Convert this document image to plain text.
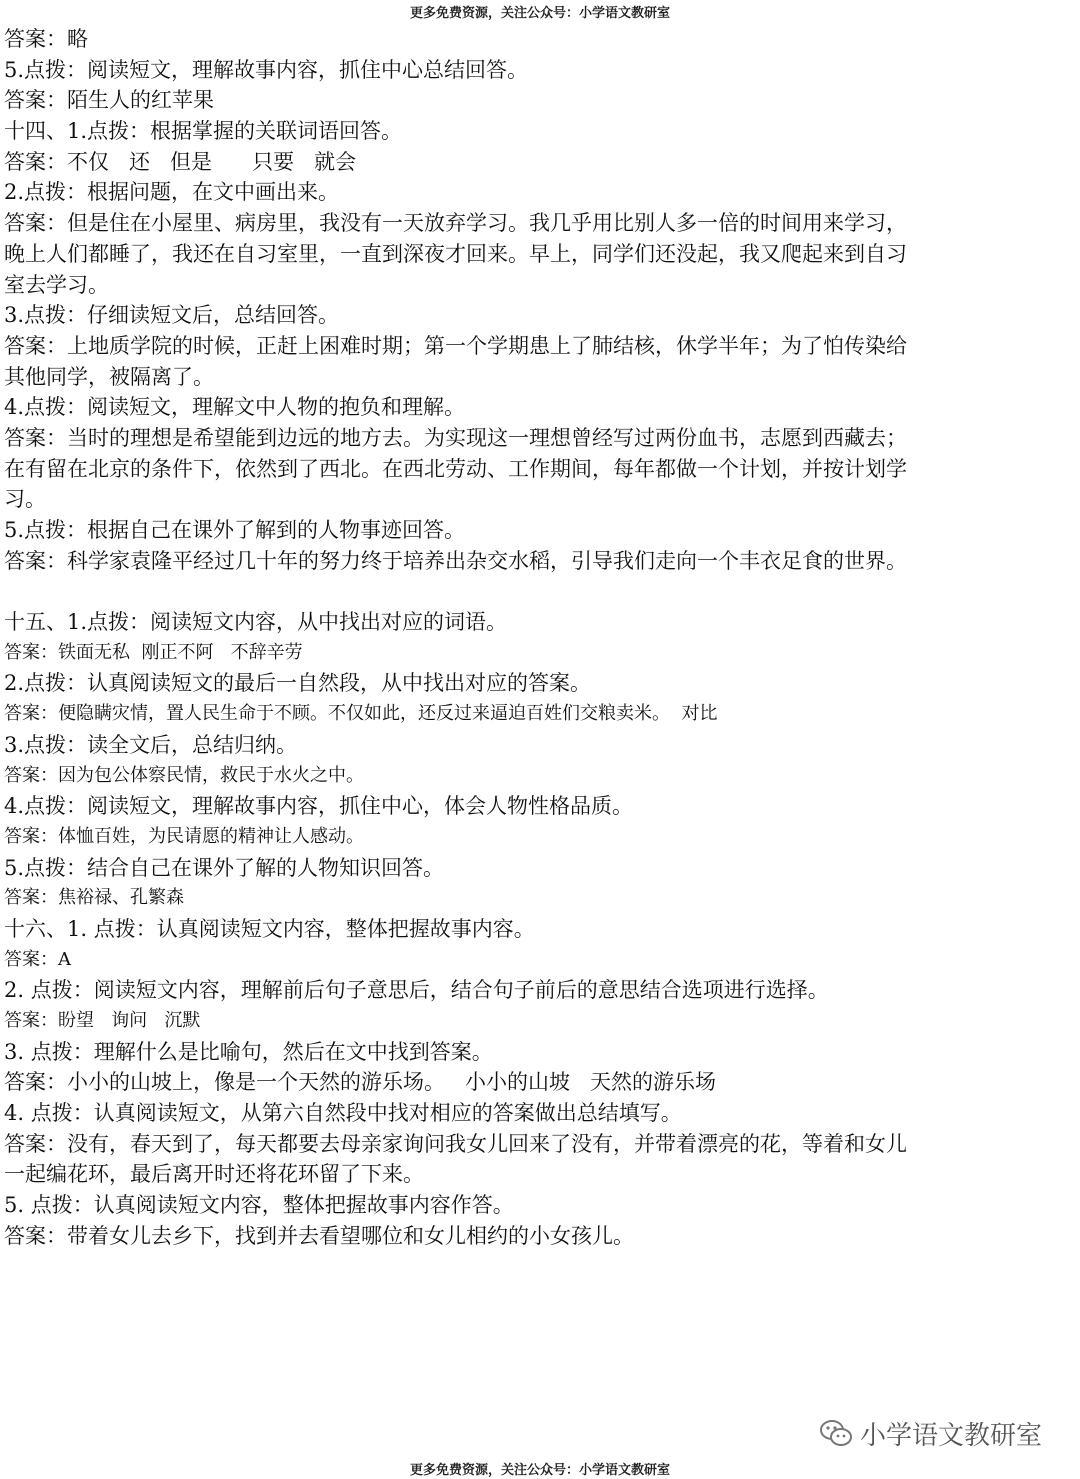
更多免费资源，关注公众号：小学语文教研室
答案：略
5.点拨：阅读短文，理解故事内容，抓住中心总结回答。
答案：陌生人的红苹果
十四、1.点拨：根据掌握的关联词语回答。
答案：不仅   还   但是      只要   就会
2.点拨：根据问题，在文中画出来。
答案：但是住在小屋里、病房里，我没有一天放弃学习。我几乎用比别人多一倍的时间用来学习，
晚上人们都睡了，我还在自习室里，一直到深夜才回来。早上，同学们还没起，我又爬起来到自习
室去学习。
3.点拨：仔细读短文后，总结回答。
答案：上地质学院的时候，正赶上困难时期；第一个学期患上了肺结核，休学半年；为了怕传染给
其他同学，被隔离了。
4.点拨：阅读短文，理解文中人物的抱负和理解。
答案：当时的理想是希望能到边远的地方去。为实现这一理想曾经写过两份血书，志愿到西藏去；
在有留在北京的条件下，依然到了西北。在西北劳动、工作期间，每年都做一个计划，并按计划学
习。
5.点拨：根据自己在课外了解到的人物事迹回答。
答案：科学家袁隆平经过几十年的努力终于培养出杂交水稻，引导我们走向一个丰衣足食的世界。
十五、1.点拨：阅读短文内容，从中找出对应的词语。
答案：铁面无私  刚正不阿   不辞辛劳
2.点拨：认真阅读短文的最后一自然段，从中找出对应的答案。
答案：便隐瞒灾情，置人民生命于不顾。不仅如此，还反过来逼迫百姓们交粮卖米。  对比
3.点拨：读全文后，总结归纳。
答案：因为包公体察民情，救民于水火之中。
4.点拨：阅读短文，理解故事内容，抓住中心，体会人物性格品质。
答案：体恤百姓，为民请愿的精神让人感动。
5.点拨：结合自己在课外了解的人物知识回答。
答案：焦裕禄、孔繁森
十六、1. 点拨：认真阅读短文内容，整体把握故事内容。
答案：A
2. 点拨：阅读短文内容，理解前后句子意思后，结合句子前后的意思结合选项进行选择。
答案：盼望   询问   沉默
3. 点拨：理解什么是比喻句，然后在文中找到答案。
答案：小小的山坡上，像是一个天然的游乐场。   小小的山坡   天然的游乐场
4. 点拨：认真阅读短文，从第六自然段中找对相应的答案做出总结填写。
答案：没有，春天到了，每天都要去母亲家询问我女儿回来了没有，并带着漂亮的花，等着和女儿
一起编花环，最后离开时还将花环留了下来。
5. 点拨：认真阅读短文内容，整体把握故事内容作答。
答案：带着女儿去乡下，找到并去看望哪位和女儿相约的小女孩儿。
小学语文教研室
更多免费资源，关注公众号：小学语文教研室
